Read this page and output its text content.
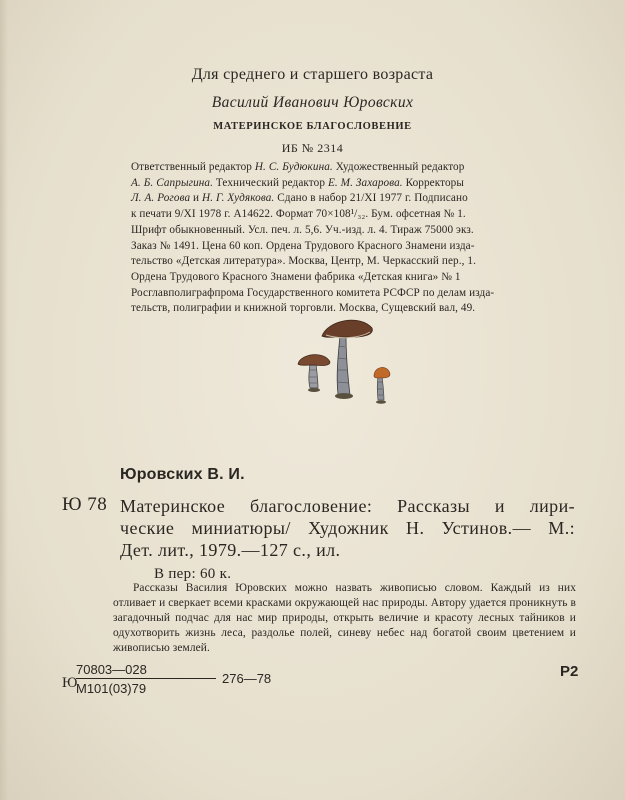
Для среднего и старшего возраста
Василий Иванович Юровских
МАТЕРИНСКОЕ БЛАГОСЛОВЕНИЕ
ИБ № 2314

Ответственный редактор Н. С. Будюкина. Художественный редактор
А. Б. Сапрыгина. Технический редактор Е. М. Захарова. Корректоры
Л. А. Рогова и Н. Г. Худякова. Сдано в набор 21/XI 1977 г. Подписано
к печати 9/XI 1978 г. А14622. Формат 70×108¹/₃₂. Бум. офсетная № 1.
Шрифт обыкновенный. Усл. печ. л. 5,6. Уч.-изд. л. 4. Тираж 75000 экз.
Заказ № 1491. Цена 60 коп. Ордена Трудового Красного Знамени изда-
тельство «Детская литература». Москва, Центр, М. Черкасский пер., 1.
Ордена Трудового Красного Знамени фабрика «Детская книга» № 1
Росглавполиграфпрома Государственного комитета РСФСР по делам изда-
тельств, полиграфии и книжной торговли. Москва, Сущевский вал, 49.

Юровских В. И.
Ю 78 Материнское благословение: Рассказы и лири-
ческие миниатюры/ Художник Н. Устинов.— М.:
Дет. лит., 1979.—127 с., ил.
В пер: 60 к.

Рассказы Василия Юровских можно назвать живописью словом. Каждый из них отливает и сверкает всеми красками окружающей нас природы. Автору удается проникнуть в загадочный подчас для нас мир природы, открыть величие и красоту лесных тайников и одухотворить жизнь леса, раздолье полей, синеву небес над богатой своим цветением и живописью землей.

Ю
70803—028
М101(03)79
276—78	Р2
